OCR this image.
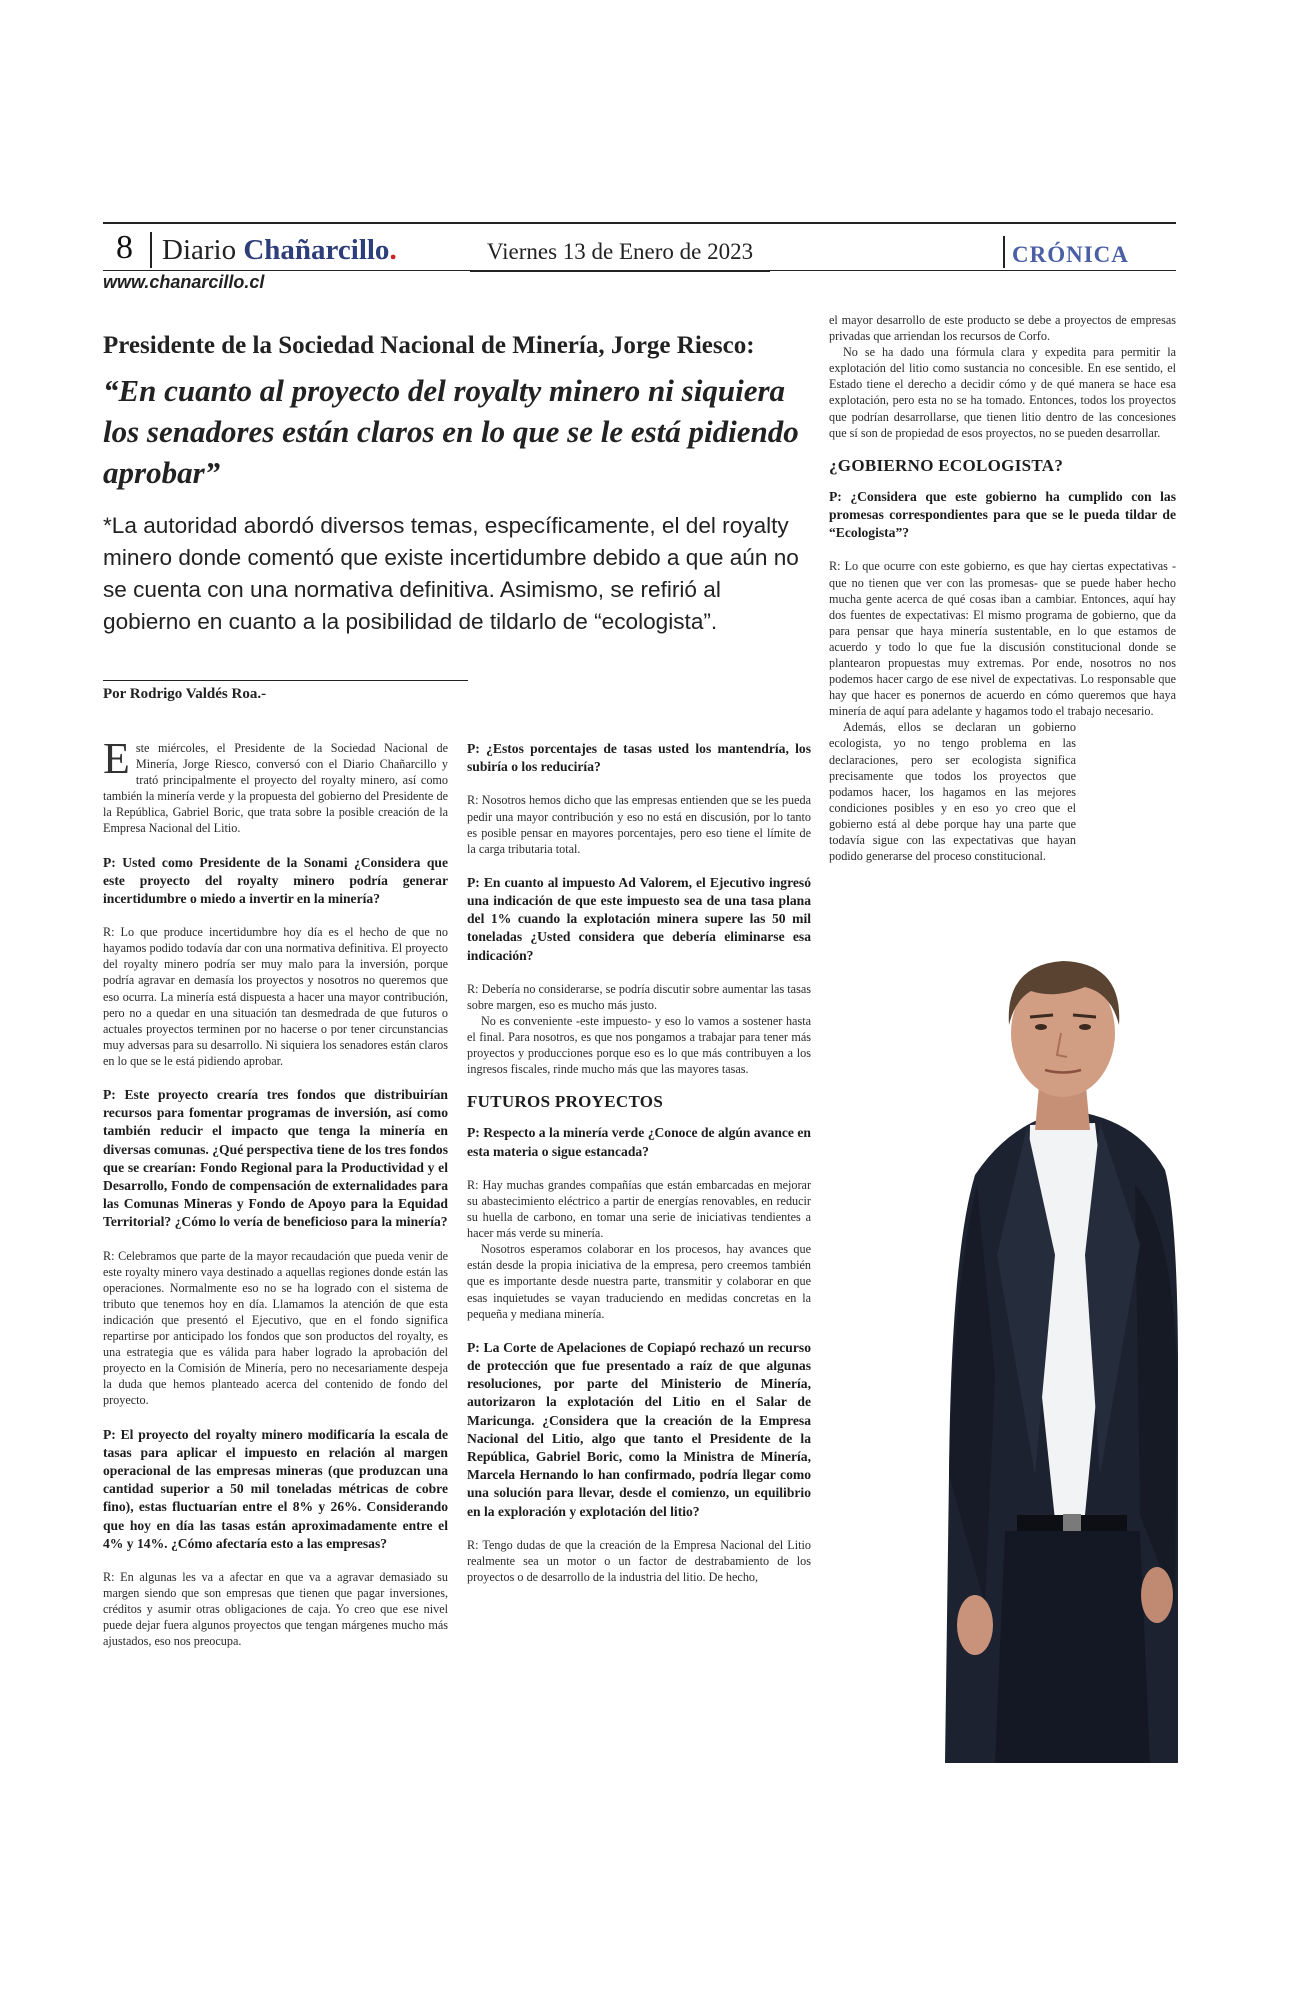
8 Diario Chañarcillo.	Viernes 13 de Enero de 2023	CRÓNICA
www.chanarcillo.cl
Presidente de la Sociedad Nacional de Minería, Jorge Riesco:
“En cuanto al proyecto del royalty minero ni siquiera los senadores están claros en lo que se le está pidiendo aprobar”
*La autoridad abordó diversos temas, específicamente, el del royalty minero donde comentó que existe incertidumbre debido a que aún no se cuenta con una normativa definitiva. Asimismo, se refirió al gobierno en cuanto a la posibilidad de tildarlo de “ecologista”.
Por Rodrigo Valdés Roa.-

Este miércoles, el Presidente de la Sociedad Nacional de Minería, Jorge Riesco, conversó con el Diario Chañarcillo y trató principalmente el proyecto del royalty minero, así como también la minería verde y la propuesta del gobierno del Presidente de la República, Gabriel Boric, que trata sobre la posible creación de la Empresa Nacional del Litio.

P: Usted como Presidente de la Sonami ¿Considera que este proyecto del royalty minero podría generar incertidumbre o miedo a invertir en la minería?

R: Lo que produce incertidumbre hoy día es el hecho de que no hayamos podido todavía dar con una normativa definitiva. El proyecto del royalty minero podría ser muy malo para la inversión, porque podría agravar en demasía los proyectos y nosotros no queremos que eso ocurra. La minería está dispuesta a hacer una mayor contribución, pero no a quedar en una situación tan desmedrada de que futuros o actuales proyectos terminen por no hacerse o por tener circunstancias muy adversas para su desarrollo. Ni siquiera los senadores están claros en lo que se le está pidiendo aprobar.

P: Este proyecto crearía tres fondos que distribuirían recursos para fomentar programas de inversión, así como también reducir el impacto que tenga la minería en diversas comunas. ¿Qué perspectiva tiene de los tres fondos que se crearían: Fondo Regional para la Productividad y el Desarrollo, Fondo de compensación de externalidades para las Comunas Mineras y Fondo de Apoyo para la Equidad Territorial? ¿Cómo lo vería de beneficioso para la minería?

R: Celebramos que parte de la mayor recaudación que pueda venir de este royalty minero vaya destinado a aquellas regiones donde están las operaciones. Normalmente eso no se ha logrado con el sistema de tributo que tenemos hoy en día. Llamamos la atención de que esta indicación que presentó el Ejecutivo, que en el fondo significa repartirse por anticipado los fondos que son productos del royalty, es una estrategia que es válida para haber logrado la aprobación del proyecto en la Comisión de Minería, pero no necesariamente despeja la duda que hemos planteado acerca del contenido de fondo del proyecto.

P: El proyecto del royalty minero modificaría la escala de tasas para aplicar el impuesto en relación al margen operacional de las empresas mineras (que produzcan una cantidad superior a 50 mil toneladas métricas de cobre fino), estas fluctuarían entre el 8% y 26%. Considerando que hoy en día las tasas están aproximadamente entre el 4% y 14%. ¿Cómo afectaría esto a las empresas?

R: En algunas les va a afectar en que va a agravar demasiado su margen siendo que son empresas que tienen que pagar inversiones, créditos y asumir otras obligaciones de caja. Yo creo que ese nivel puede dejar fuera algunos proyectos que tengan márgenes mucho más ajustados, eso nos preocupa.

P: ¿Estos porcentajes de tasas usted los mantendría, los subiría o los reduciría?

R: Nosotros hemos dicho que las empresas entienden que se les pueda pedir una mayor contribución y eso no está en discusión, por lo tanto es posible pensar en mayores porcentajes, pero eso tiene el límite de la carga tributaria total.

P: En cuanto al impuesto Ad Valorem, el Ejecutivo ingresó una indicación de que este impuesto sea de una tasa plana del 1% cuando la explotación minera supere las 50 mil toneladas ¿Usted considera que debería eliminarse esa indicación?

R: Debería no considerarse, se podría discutir sobre aumentar las tasas sobre margen, eso es mucho más justo.

No es conveniente -este impuesto- y eso lo vamos a sostener hasta el final. Para nosotros, es que nos pongamos a trabajar para tener más proyectos y producciones porque eso es lo que más contribuyen a los ingresos fiscales, rinde mucho más que las mayores tasas.

FUTUROS PROYECTOS

P: Respecto a la minería verde ¿Conoce de algún avance en esta materia o sigue estancada?

R: Hay muchas grandes compañías que están embarcadas en mejorar su abastecimiento eléctrico a partir de energías renovables, en reducir su huella de carbono, en tomar una serie de iniciativas tendientes a hacer más verde su minería.

Nosotros esperamos colaborar en los procesos, hay avances que están desde la propia iniciativa de la empresa, pero creemos también que es importante desde nuestra parte, transmitir y colaborar en que esas inquietudes se vayan traduciendo en medidas concretas en la pequeña y mediana minería.

P: La Corte de Apelaciones de Copiapó rechazó un recurso de protección que fue presentado a raíz de que algunas resoluciones, por parte del Ministerio de Minería, autorizaron la explotación del Litio en el Salar de Maricunga. ¿Considera que la creación de la Empresa Nacional del Litio, algo que tanto el Presidente de la República, Gabriel Boric, como la Ministra de Minería, Marcela Hernando lo han confirmado, podría llegar como una solución para llevar, desde el comienzo, un equilibrio en la exploración y explotación del litio?

R: Tengo dudas de que la creación de la Empresa Nacional del Litio realmente sea un motor o un factor de destrabamiento de los proyectos o de desarrollo de la industria del litio. De hecho,

el mayor desarrollo de este producto se debe a proyectos de empresas privadas que arriendan los recursos de Corfo.

No se ha dado una fórmula clara y expedita para permitir la explotación del litio como sustancia no concesible. En ese sentido, el Estado tiene el derecho a decidir cómo y de qué manera se hace esa explotación, pero esta no se ha tomado. Entonces, todos los proyectos que podrían desarrollarse, que tienen litio dentro de las concesiones que sí son de propiedad de esos proyectos, no se pueden desarrollar.

¿GOBIERNO ECOLOGISTA?

P: ¿Considera que este gobierno ha cumplido con las promesas correspondientes para que se le pueda tildar de “Ecologista”?

R: Lo que ocurre con este gobierno, es que hay ciertas expectativas -que no tienen que ver con las promesas- que se puede haber hecho mucha gente acerca de qué cosas iban a cambiar. Entonces, aquí hay dos fuentes de expectativas: El mismo programa de gobierno, que da para pensar que haya minería sustentable, en lo que estamos de acuerdo y todo lo que fue la discusión constitucional donde se plantearon propuestas muy extremas. Por ende, nosotros no nos podemos hacer cargo de ese nivel de expectativas. Lo responsable que hay que hacer es ponernos de acuerdo en cómo queremos que haya minería de aquí para adelante y hagamos todo el trabajo necesario.

Además, ellos se declaran un gobierno ecologista, yo no tengo problema en las declaraciones, pero ser ecologista significa precisamente que todos los proyectos que podamos hacer, los hagamos en las mejores condiciones posibles y en eso yo creo que el gobierno está al debe porque hay una parte que todavía sigue con las expectativas que hayan podido generarse del proceso constitucional.
